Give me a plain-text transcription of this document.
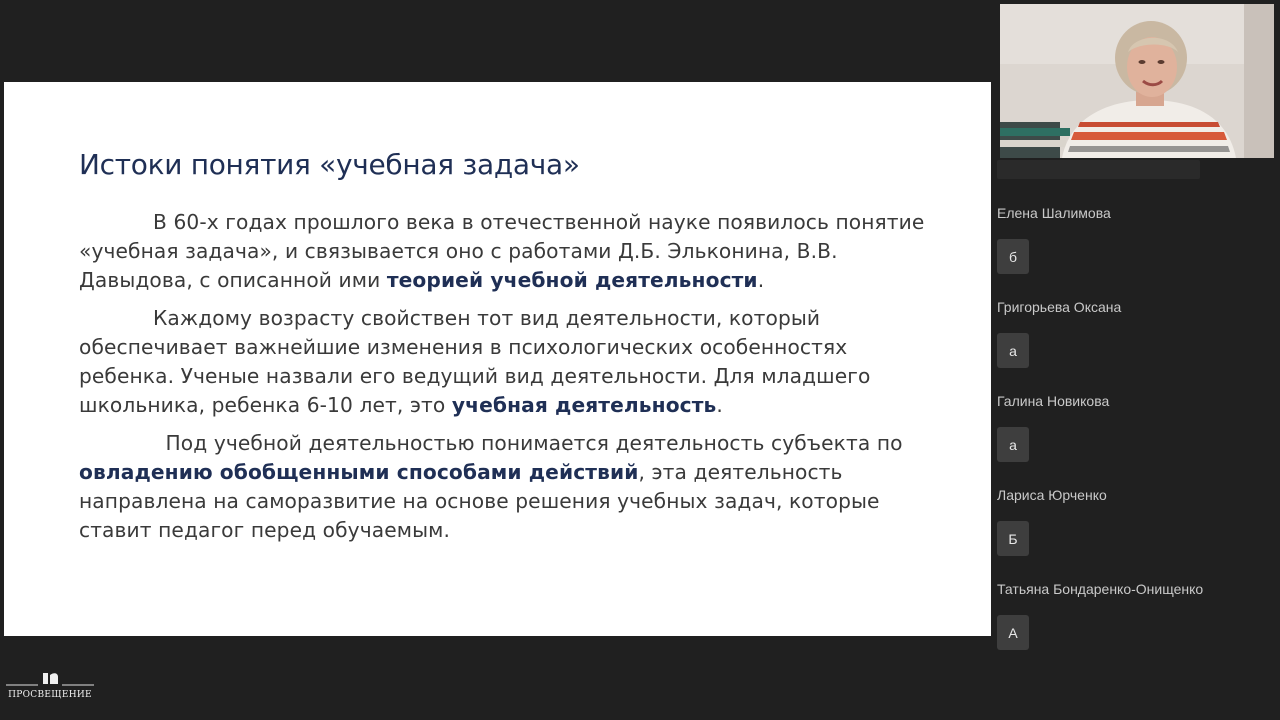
Истоки понятия «учебная задача»

В 60-х годах прошлого века в отечественной науке появилось понятие «учебная задача», и связывается оно с работами Д.Б. Эльконина, В.В. Давыдова, с описанной ими теорией учебной деятельности.

Каждому возрасту свойствен тот вид деятельности, который обеспечивает важнейшие изменения в психологических особенностях ребенка. Ученые назвали его ведущий вид деятельности. Для младшего школьника, ребенка 6-10 лет, это учебная деятельность.

Под учебной деятельностью понимается деятельность субъекта по овладению обобщенными способами действий, эта деятельность направлена на саморазвитие на основе решения учебных задач, которые ставит педагог перед обучаемым.

Елена Шалимова
б
Григорьева Оксана
а
Галина Новикова
а
Лариса Юрченко
Б
Татьяна Бондаренко-Онищенко
А
ПРОСВЕЩЕНИЕ
